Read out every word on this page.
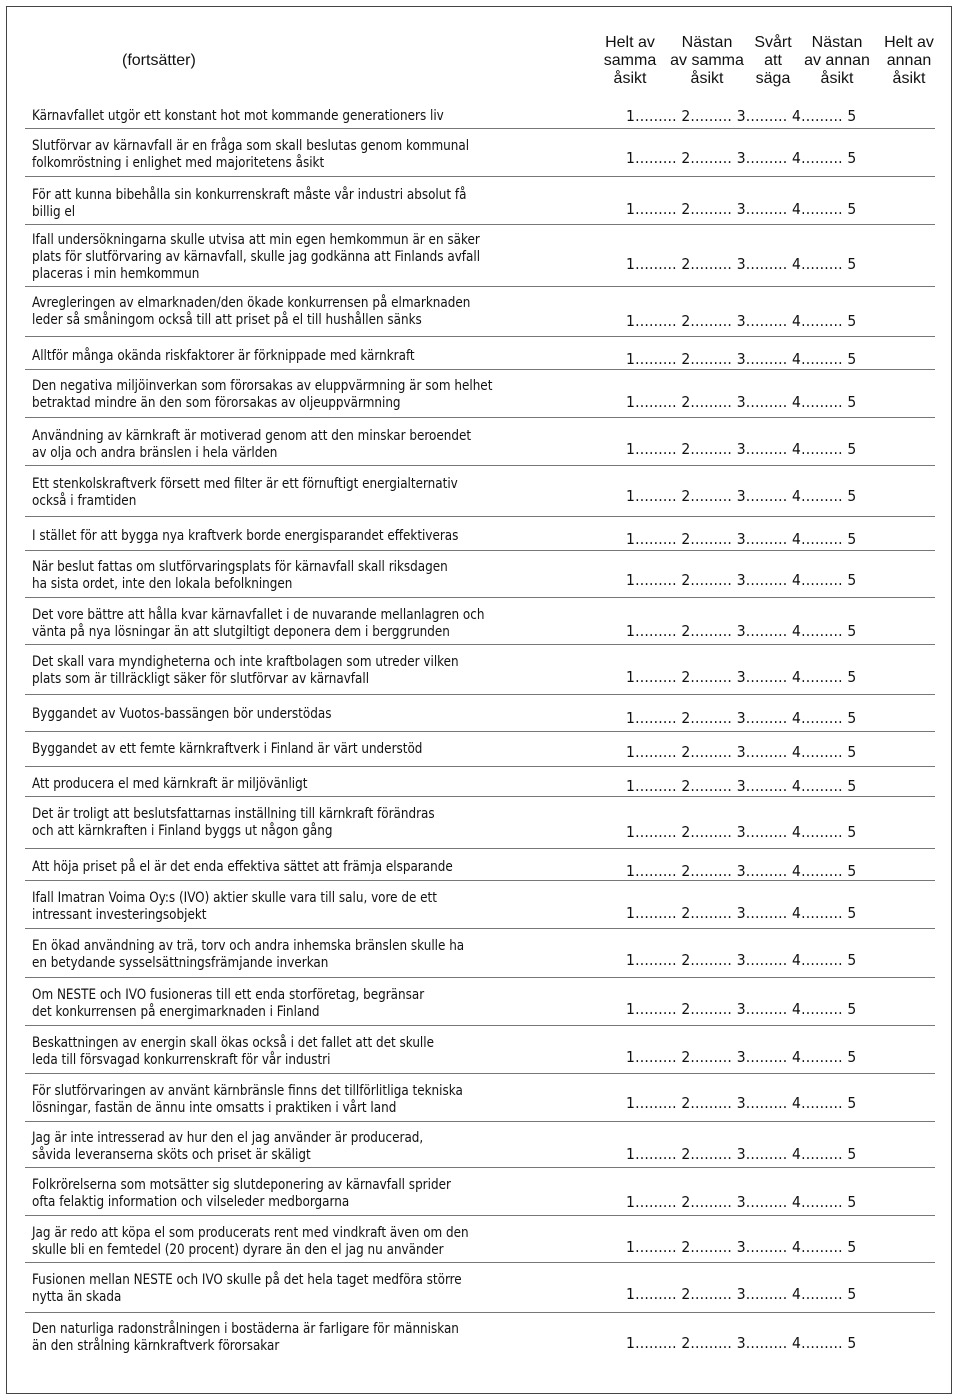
(fortsätter)
Helt av
samma
åsikt
Nästan
av samma
åsikt
Svårt
att
säga
Nästan
av annan
åsikt
Helt av
annan
åsikt
Kärnavfallet utgör ett konstant hot mot kommande generationers liv	1......... 2......... 3......... 4......... 5
Slutförvar av kärnavfall är en fråga som skall beslutas genom kommunal
folkomröstning i enlighet med majoritetens åsikt	1......... 2......... 3......... 4......... 5
För att kunna bibehålla sin konkurrenskraft måste vår industri absolut få
billig el	1......... 2......... 3......... 4......... 5
Ifall undersökningarna skulle utvisa att min egen hemkommun är en säker
plats för slutförvaring av kärnavfall, skulle jag godkänna att Finlands avfall
placeras i min hemkommun
1......... 2......... 3......... 4......... 5
Avregleringen av elmarknaden/den ökade konkurrensen på elmarknaden
leder så småningom också till att priset på el till hushållen sänks	1......... 2......... 3......... 4......... 5
Alltför många okända riskfaktorer är förknippade med kärnkraft	1......... 2......... 3......... 4......... 5
Den negativa miljöinverkan som förorsakas av eluppvärmning är som helhet
betraktad mindre än den som förorsakas av oljeuppvärmning	1......... 2......... 3......... 4......... 5
Användning av kärnkraft är motiverad genom att den minskar beroendet
av olja och andra bränslen i hela världen	1......... 2......... 3......... 4......... 5
Ett stenkolskraftverk försett med filter är ett förnuftigt energialternativ
också i framtiden	1......... 2......... 3......... 4......... 5
I stället för att bygga nya kraftverk borde energisparandet effektiveras	1......... 2......... 3......... 4......... 5
När beslut fattas om slutförvaringsplats för kärnavfall skall riksdagen
ha sista ordet, inte den lokala befolkningen	1......... 2......... 3......... 4......... 5
Det vore bättre att hålla kvar kärnavfallet i de nuvarande mellanlagren och
vänta på nya lösningar än att slutgiltigt deponera dem i berggrunden	1......... 2......... 3......... 4......... 5
Det skall vara myndigheterna och inte kraftbolagen som utreder vilken
plats som är tillräckligt säker för slutförvar av kärnavfall	1......... 2......... 3......... 4......... 5
Byggandet av Vuotos-bassängen bör understödas	1......... 2......... 3......... 4......... 5
Byggandet av ett femte kärnkraftverk i Finland är värt understöd	1......... 2......... 3......... 4......... 5
Att producera el med kärnkraft är miljövänligt	1......... 2......... 3......... 4......... 5
Det är troligt att beslutsfattarnas inställning till kärnkraft förändras
och att kärnkraften i Finland byggs ut någon gång	1......... 2......... 3......... 4......... 5
Att höja priset på el är det enda effektiva sättet att främja elsparande	1......... 2......... 3......... 4......... 5
Ifall Imatran Voima Oy:s (IVO) aktier skulle vara till salu, vore de ett
intressant investeringsobjekt	1......... 2......... 3......... 4......... 5
En ökad användning av trä, torv och andra inhemska bränslen skulle ha
en betydande sysselsättningsfrämjande inverkan	1......... 2......... 3......... 4......... 5
Om NESTE och IVO fusioneras till ett enda storföretag, begränsar
det konkurrensen på energimarknaden i Finland	1......... 2......... 3......... 4......... 5
Beskattningen av energin skall ökas också i det fallet att det skulle
leda till försvagad konkurrenskraft för vår industri	1......... 2......... 3......... 4......... 5
För slutförvaringen av använt kärnbränsle finns det tillförlitliga tekniska
lösningar, fastän de ännu inte omsatts i praktiken i vårt land	1......... 2......... 3......... 4......... 5
Jag är inte intresserad av hur den el jag använder är producerad,
såvida leveranserna sköts och priset är skäligt	1......... 2......... 3......... 4......... 5
Folkrörelserna som motsätter sig slutdeponering av kärnavfall sprider
ofta felaktig information och vilseleder medborgarna	1......... 2......... 3......... 4......... 5
Jag är redo att köpa el som producerats rent med vindkraft även om den
skulle bli en femtedel (20 procent) dyrare än den el jag nu använder	1......... 2......... 3......... 4......... 5
Fusionen mellan NESTE och IVO skulle på det hela taget medföra större
nytta än skada	1......... 2......... 3......... 4......... 5
Den naturliga radonstrålningen i bostäderna är farligare för människan
än den strålning kärnkraftverk förorsakar	1......... 2......... 3......... 4......... 5
